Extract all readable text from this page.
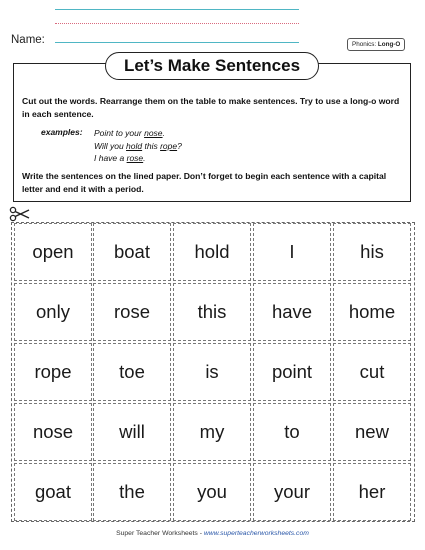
Name:	Phonics: Long-O
Let’s Make Sentences
Cut out the words. Rearrange them on the table to make sentences. Try to use a long-o word in each sentence.
examples: Point to your nose.
Will you hold this rope?
I have a rose.
Write the sentences on the lined paper. Don’t forget to begin each sentence with a capital letter and end it with a period.
open	boat	hold	I	his
only	rose	this	have	home
rope	toe	is	point	cut
nose	will	my	to	new
goat	the	you	your	her
Super Teacher Worksheets - www.superteacherworksheets.com
